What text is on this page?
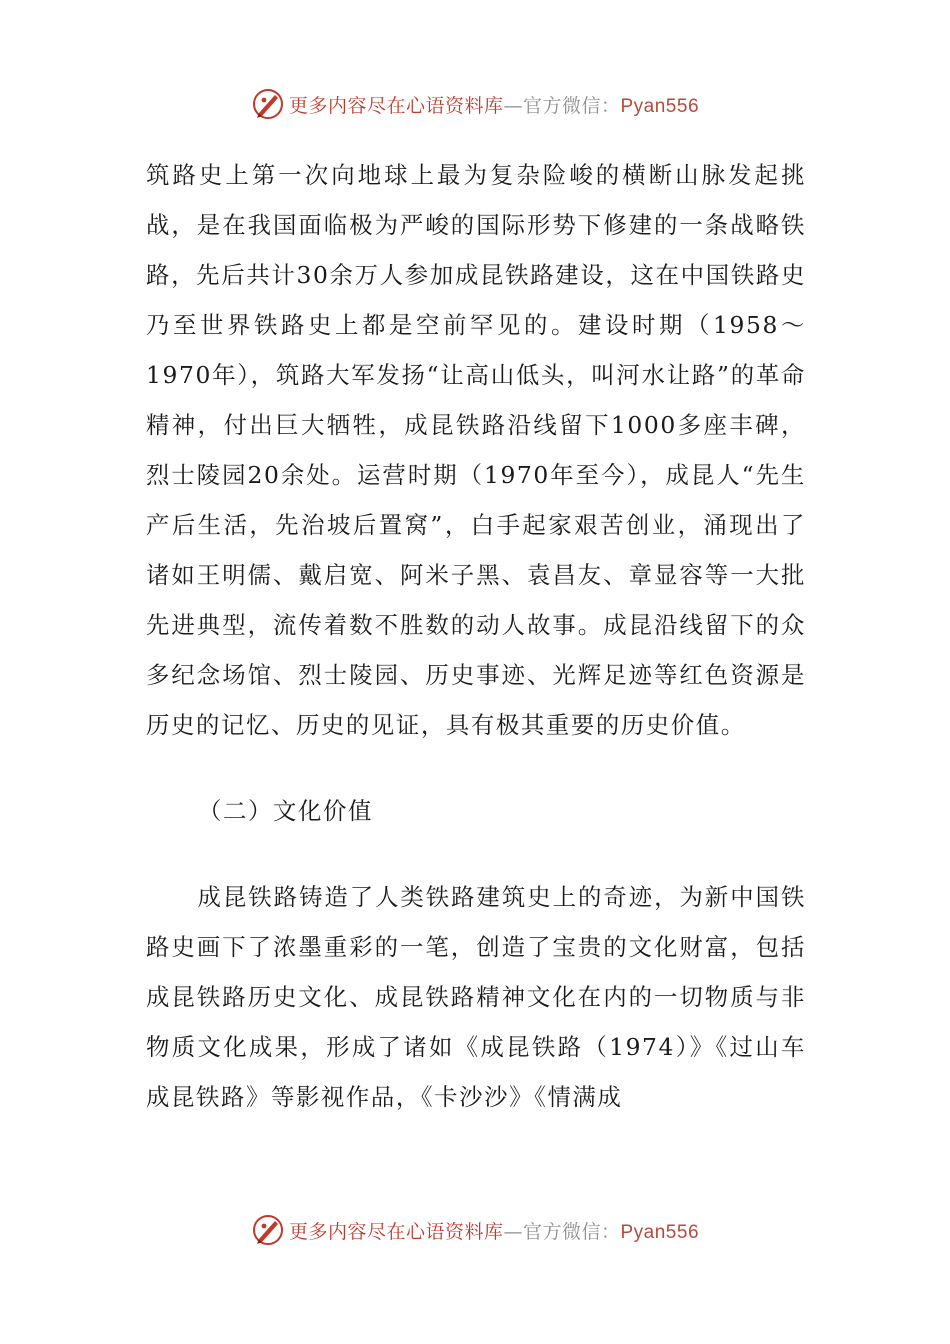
更多内容尽在心语资料库—官方微信：Pyan556

筑路史上第一次向地球上最为复杂险峻的横断山脉发起挑战，是在我国面临极为严峻的国际形势下修建的一条战略铁路，先后共计30余万人参加成昆铁路建设，这在中国铁路史乃至世界铁路史上都是空前罕见的。建设时期（1958～1970年），筑路大军发扬“让高山低头，叫河水让路”的革命精神，付出巨大牺牲，成昆铁路沿线留下1000多座丰碑，烈士陵园20余处。运营时期（1970年至今），成昆人“先生产后生活，先治坡后置窝”，白手起家艰苦创业，涌现出了诸如王明儒、戴启宽、阿米子黑、袁昌友、章显容等一大批先进典型，流传着数不胜数的动人故事。成昆沿线留下的众多纪念场馆、烈士陵园、历史事迹、光辉足迹等红色资源是历史的记忆、历史的见证，具有极其重要的历史价值。

（二）文化价值

成昆铁路铸造了人类铁路建筑史上的奇迹，为新中国铁路史画下了浓墨重彩的一笔，创造了宝贵的文化财富，包括成昆铁路历史文化、成昆铁路精神文化在内的一切物质与非物质文化成果，形成了诸如《成昆铁路（1974）》《过山车成昆铁路》等影视作品，《卡沙沙》《情满成

更多内容尽在心语资料库—官方微信：Pyan556
